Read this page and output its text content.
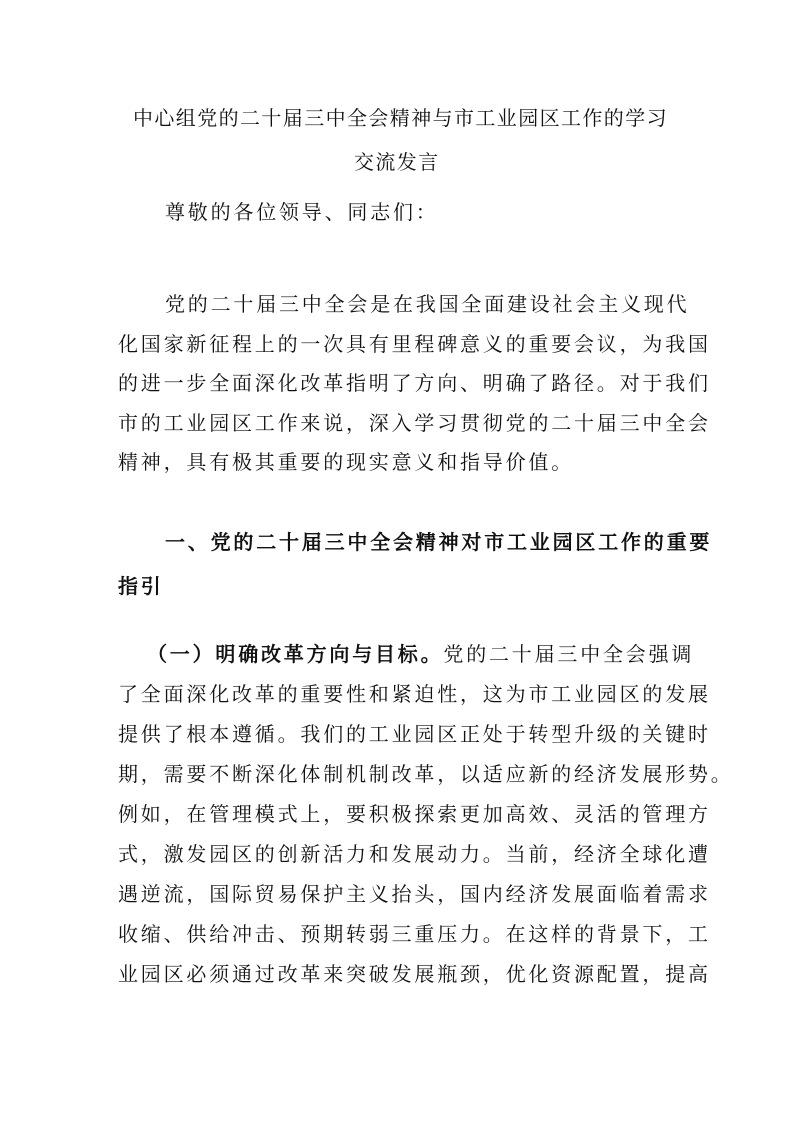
中心组党的二十届三中全会精神与市工业园区工作的学习
交流发言
尊敬的各位领导、同志们：
党的二十届三中全会是在我国全面建设社会主义现代
化国家新征程上的一次具有里程碑意义的重要会议，为我国
的进一步全面深化改革指明了方向、明确了路径。对于我们
市的工业园区工作来说，深入学习贯彻党的二十届三中全会
精神，具有极其重要的现实意义和指导价值。
一、党的二十届三中全会精神对市工业园区工作的重要
指引
（一）明确改革方向与目标。党的二十届三中全会强调
了全面深化改革的重要性和紧迫性，这为市工业园区的发展
提供了根本遵循。我们的工业园区正处于转型升级的关键时
期，需要不断深化体制机制改革，以适应新的经济发展形势。
例如，在管理模式上，要积极探索更加高效、灵活的管理方
式，激发园区的创新活力和发展动力。当前，经济全球化遭
遇逆流，国际贸易保护主义抬头，国内经济发展面临着需求
收缩、供给冲击、预期转弱三重压力。在这样的背景下，工
业园区必须通过改革来突破发展瓶颈，优化资源配置，提高
